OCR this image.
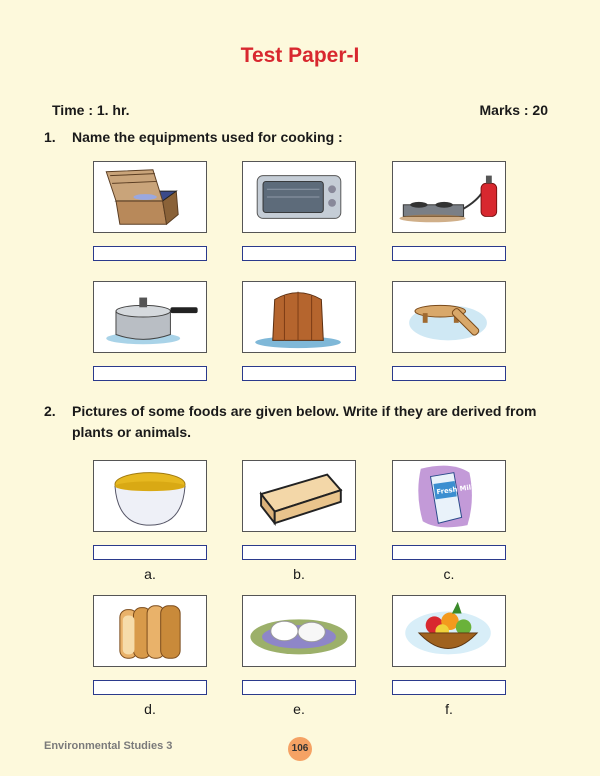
Test Paper-I
Time : 1. hr.	Marks : 20
1. Name the equipments used for cooking :
2. Pictures of some foods are given below. Write if they are derived from plants or animals.
Fresh Milk
a.	b.	c.
d.	e.	f.
Environmental Studies 3	106
